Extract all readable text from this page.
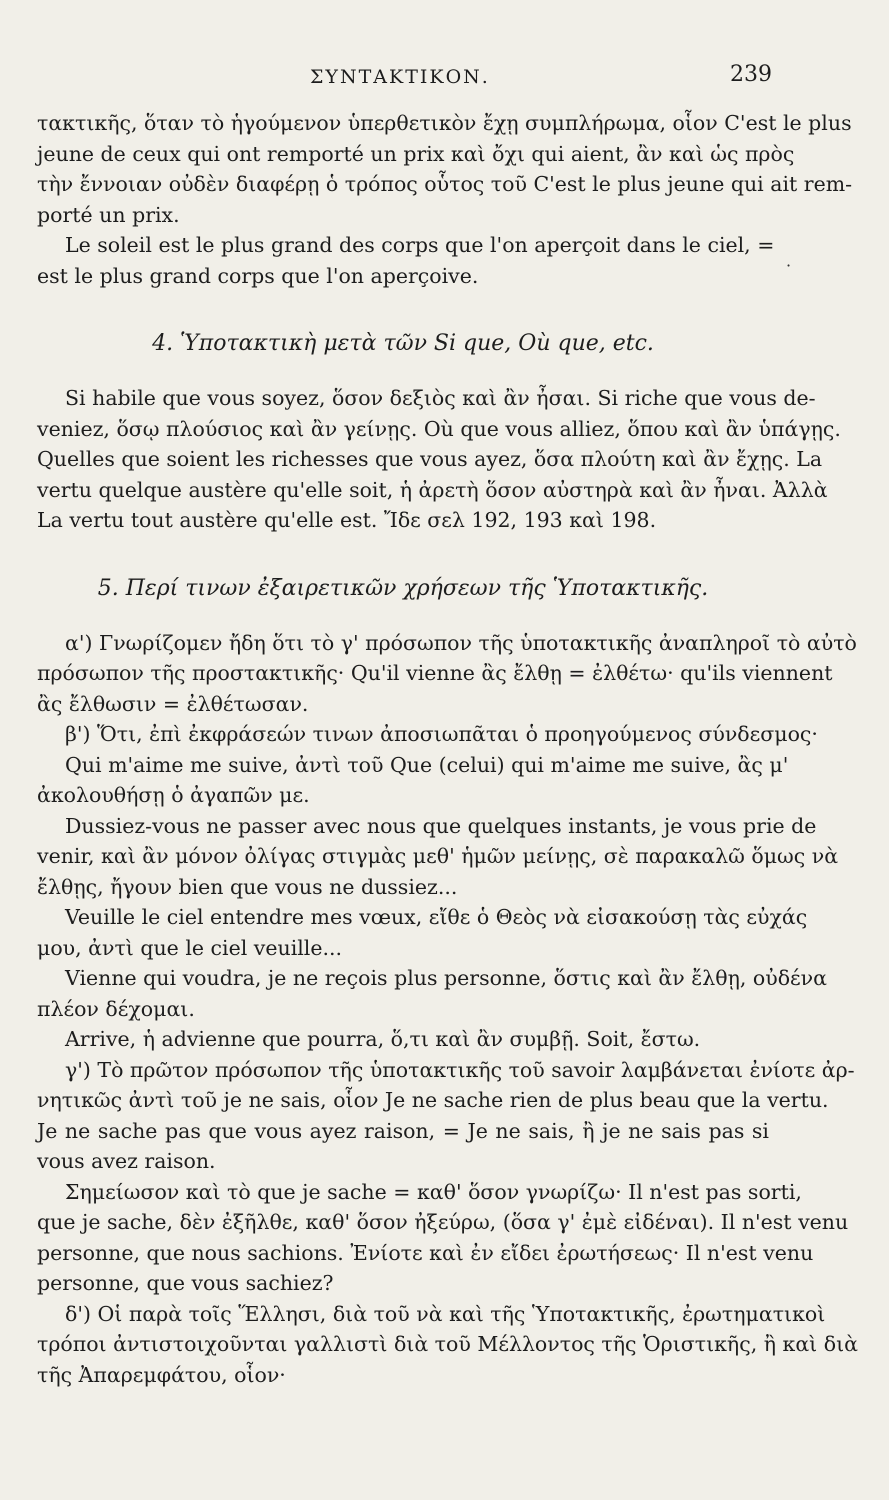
ΣΥΝΤΑΚΤΙΚΟΝ.	239
·
τακτικῆς, ὅταν τὸ ἡγούμενον ὑπερθετικὸν ἔχῃ συμπλήρωμα, οἷον C'est le plus
jeune de ceux qui ont remporté un prix καὶ ὄχι qui aient, ἂν καὶ ὡς πρὸς
τὴν ἔννοιαν οὐδὲν διαφέρῃ ὁ τρόπος οὗτος τοῦ C'est le plus jeune qui ait rem-
porté un prix.
Le soleil est le plus grand des corps que l'on aperçoit dans le ciel, =
est le plus grand corps que l'on aperçoive.
4. Ὑποτακτικὴ μετὰ τῶν Si que, Où que, etc.
Si habile que vous soyez, ὅσον δεξιὸς καὶ ἂν ἦσαι. Si riche que vous de-
veniez, ὅσῳ πλούσιος καὶ ἂν γείνῃς. Où que vous alliez, ὅπου καὶ ἂν ὑπάγῃς.
Quelles que soient les richesses que vous ayez, ὅσα πλούτη καὶ ἂν ἔχῃς. La
vertu quelque austère qu'elle soit, ἡ ἀρετὴ ὅσον αὐστηρὰ καὶ ἂν ἦναι. Ἀλλὰ
La vertu tout austère qu'elle est. Ἴδε σελ 192, 193 καὶ 198.
5. Περί τινων ἐξαιρετικῶν χρήσεων τῆς Ὑποτακτικῆς.
α') Γνωρίζομεν ἤδη ὅτι τὸ γ' πρόσωπον τῆς ὑποτακτικῆς ἀναπληροῖ τὸ αὐτὸ
πρόσωπον τῆς προστακτικῆς· Qu'il vienne ἂς ἔλθῃ = ἐλθέτω· qu'ils viennent
ἂς ἔλθωσιν = ἐλθέτωσαν.
β') Ὅτι, ἐπὶ ἐκφράσεών τινων ἀποσιωπᾶται ὁ προηγούμενος σύνδεσμος·
Qui m'aime me suive, ἀντὶ τοῦ Que (celui) qui m'aime me suive, ἂς μ'
ἀκολουθήσῃ ὁ ἀγαπῶν με.
Dussiez-vous ne passer avec nous que quelques instants, je vous prie de
venir, καὶ ἂν μόνον ὀλίγας στιγμὰς μεθ' ἡμῶν μείνῃς, σὲ παρακαλῶ ὅμως νὰ
ἔλθῃς, ἤγουν bien que vous ne dussiez...
Veuille le ciel entendre mes vœux, εἴθε ὁ Θεὸς νὰ εἰσακούσῃ τὰς εὐχάς
μου, ἀντὶ que le ciel veuille...
Vienne qui voudra, je ne reçois plus personne, ὅστις καὶ ἂν ἔλθῃ, οὐδένα
πλέον δέχομαι.
Arrive, ἡ advienne que pourra, ὅ,τι καὶ ἂν συμβῇ. Soit, ἔστω.
γ') Τὸ πρῶτον πρόσωπον τῆς ὑποτακτικῆς τοῦ savoir λαμβάνεται ἐνίοτε ἀρ-
νητικῶς ἀντὶ τοῦ je ne sais, οἷον Je ne sache rien de plus beau que la vertu.
Je ne sache pas que vous ayez raison, = Je ne sais, ἢ je ne sais pas si
vous avez raison.
Σημείωσον καὶ τὸ que je sache = καθ' ὅσον γνωρίζω· Il n'est pas sorti,
que je sache, δὲν ἐξῆλθε, καθ' ὅσον ἠξεύρω, (ὅσα γ' ἐμὲ εἰδέναι). Il n'est venu
personne, que nous sachions. Ἐνίοτε καὶ ἐν εἴδει ἐρωτήσεως· Il n'est venu
personne, que vous sachiez?
δ') Οἱ παρὰ τοῖς Ἕλλησι, διὰ τοῦ νὰ καὶ τῆς Ὑποτακτικῆς, ἐρωτηματικοὶ
τρόποι ἀντιστοιχοῦνται γαλλιστὶ διὰ τοῦ Μέλλοντος τῆς Ὁριστικῆς, ἢ καὶ διὰ
τῆς Ἀπαρεμφάτου, οἷον·
